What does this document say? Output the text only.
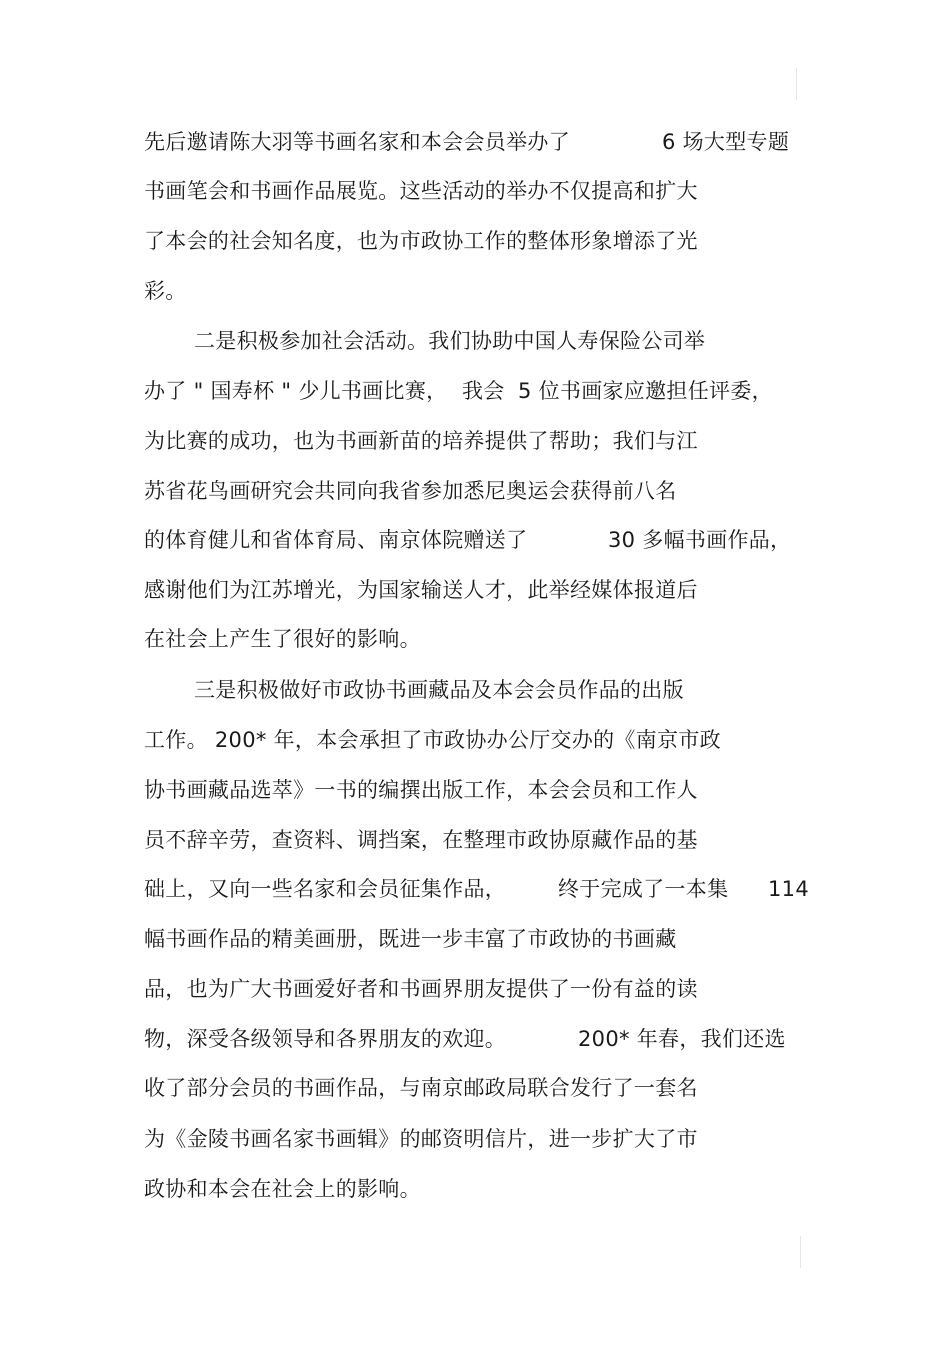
先后邀请陈大羽等书画名家和本会会员举办了	6 场大型专题
书画笔会和书画作品展览。这些活动的举办不仅提高和扩大
了本会的社会知名度，也为市政协工作的整体形象增添了光
彩。
二是积极参加社会活动。我们协助中国人寿保险公司举
办了 " 国寿杯 " 少儿书画比赛， 我会 5 位书画家应邀担任评委，
为比赛的成功，也为书画新苗的培养提供了帮助；我们与江
苏省花鸟画研究会共同向我省参加悉尼奥运会获得前八名
的体育健儿和省体育局、南京体院赠送了	30 多幅书画作品，
感谢他们为江苏增光，为国家输送人才，此举经媒体报道后
在社会上产生了很好的影响。
三是积极做好市政协书画藏品及本会会员作品的出版
工作。 200* 年，本会承担了市政协办公厅交办的《南京市政
协书画藏品选萃》一书的编撰出版工作，本会会员和工作人
员不辞辛劳，查资料、调挡案，在整理市政协原藏作品的基
础上，又向一些名家和会员征集作品， 终于完成了一本集 114
幅书画作品的精美画册，既进一步丰富了市政协的书画藏
品，也为广大书画爱好者和书画界朋友提供了一份有益的读
物，深受各级领导和各界朋友的欢迎。	200* 年春，我们还选
收了部分会员的书画作品，与南京邮政局联合发行了一套名
为《金陵书画名家书画辑》的邮资明信片，进一步扩大了市
政协和本会在社会上的影响。
